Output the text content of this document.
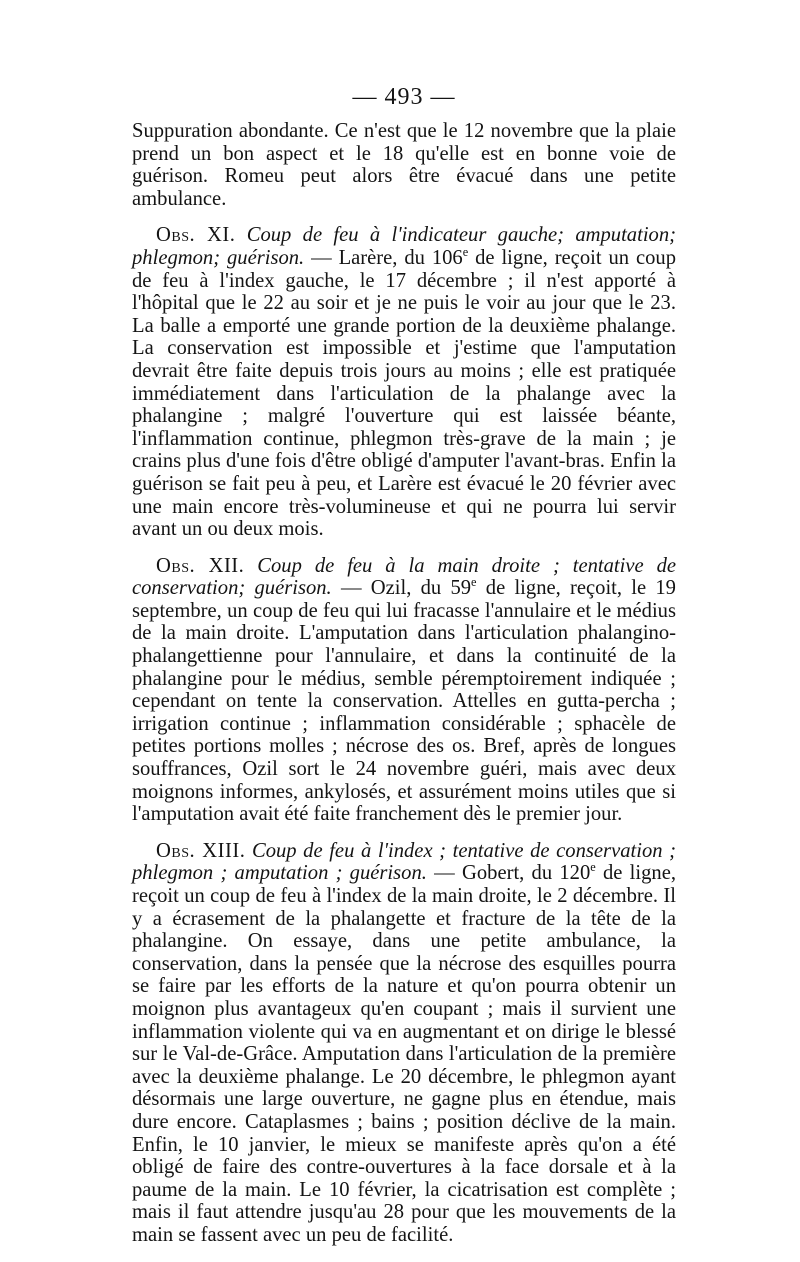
— 493 —

Suppuration abondante. Ce n'est que le 12 novembre que la plaie prend un bon aspect et le 18 qu'elle est en bonne voie de guérison. Romeu peut alors être évacué dans une petite ambulance.

Obs. XI. Coup de feu à l'indicateur gauche; amputation; phlegmon; guérison. — Larère, du 106e de ligne, reçoit un coup de feu à l'index gauche, le 17 décembre ; il n'est apporté à l'hôpital que le 22 au soir et je ne puis le voir au jour que le 23. La balle a emporté une grande portion de la deuxième phalange. La conservation est impossible et j'estime que l'amputation devrait être faite depuis trois jours au moins ; elle est pratiquée immédiatement dans l'articulation de la phalange avec la phalangine ; malgré l'ouverture qui est laissée béante, l'inflammation continue, phlegmon très-grave de la main ; je crains plus d'une fois d'être obligé d'amputer l'avant-bras. Enfin la guérison se fait peu à peu, et Larère est évacué le 20 février avec une main encore très-volumineuse et qui ne pourra lui servir avant un ou deux mois.

Obs. XII. Coup de feu à la main droite ; tentative de conservation; guérison. — Ozil, du 59e de ligne, reçoit, le 19 septembre, un coup de feu qui lui fracasse l'annulaire et le médius de la main droite. L'amputation dans l'articulation phalangino-phalangettienne pour l'annulaire, et dans la continuité de la phalangine pour le médius, semble péremptoirement indiquée ; cependant on tente la conservation. Attelles en gutta-percha ; irrigation continue ; inflammation considérable ; sphacèle de petites portions molles ; nécrose des os. Bref, après de longues souffrances, Ozil sort le 24 novembre guéri, mais avec deux moignons informes, ankylosés, et assurément moins utiles que si l'amputation avait été faite franchement dès le premier jour.

Obs. XIII. Coup de feu à l'index ; tentative de conservation ; phlegmon ; amputation ; guérison. — Gobert, du 120e de ligne, reçoit un coup de feu à l'index de la main droite, le 2 décembre. Il y a écrasement de la phalangette et fracture de la tête de la phalangine. On essaye, dans une petite ambulance, la conservation, dans la pensée que la nécrose des esquilles pourra se faire par les efforts de la nature et qu'on pourra obtenir un moignon plus avantageux qu'en coupant ; mais il survient une inflammation violente qui va en augmentant et on dirige le blessé sur le Val-de-Grâce. Amputation dans l'articulation de la première avec la deuxième phalange. Le 20 décembre, le phlegmon ayant désormais une large ouverture, ne gagne plus en étendue, mais dure encore. Cataplasmes ; bains ; position déclive de la main. Enfin, le 10 janvier, le mieux se manifeste après qu'on a été obligé de faire des contre-ouvertures à la face dorsale et à la paume de la main. Le 10 février, la cicatrisation est complète ; mais il faut attendre jusqu'au 28 pour que les mouvements de la main se fassent avec un peu de facilité.
